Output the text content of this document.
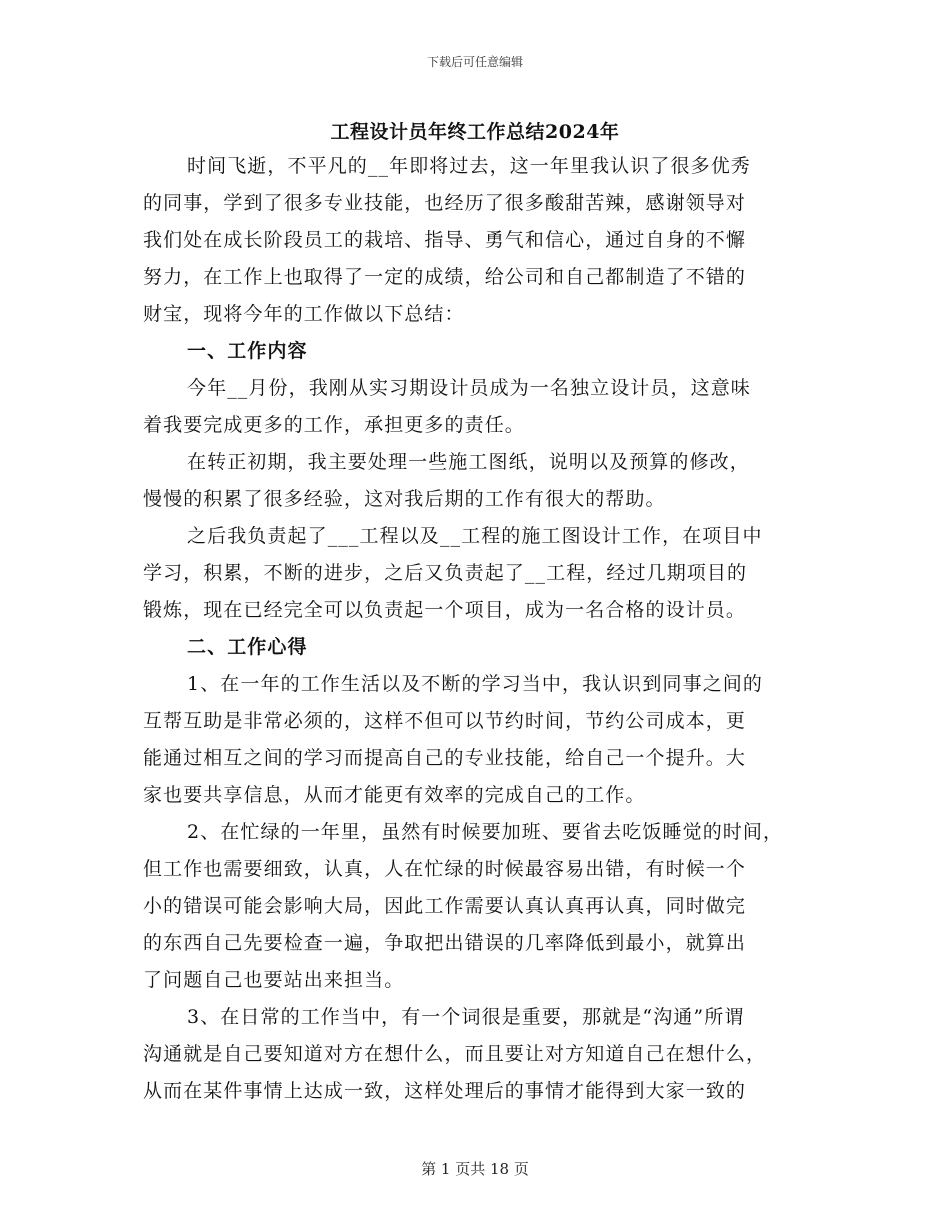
下载后可任意编辑
工程设计员年终工作总结2024年
时间飞逝，不平凡的__年即将过去，这一年里我认识了很多优秀
的同事，学到了很多专业技能，也经历了很多酸甜苦辣，感谢领导对
我们处在成长阶段员工的栽培、指导、勇气和信心，通过自身的不懈
努力，在工作上也取得了一定的成绩，给公司和自己都制造了不错的
财宝，现将今年的工作做以下总结：
一、工作内容
今年__月份，我刚从实习期设计员成为一名独立设计员，这意味
着我要完成更多的工作，承担更多的责任。
在转正初期，我主要处理一些施工图纸，说明以及预算的修改，
慢慢的积累了很多经验，这对我后期的工作有很大的帮助。
之后我负责起了___工程以及__工程的施工图设计工作，在项目中
学习，积累，不断的进步，之后又负责起了__工程，经过几期项目的
锻炼，现在已经完全可以负责起一个项目，成为一名合格的设计员。
二、工作心得
1、在一年的工作生活以及不断的学习当中，我认识到同事之间的
互帮互助是非常必须的，这样不但可以节约时间，节约公司成本，更
能通过相互之间的学习而提高自己的专业技能，给自己一个提升。大
家也要共享信息，从而才能更有效率的完成自己的工作。
2、在忙绿的一年里，虽然有时候要加班、要省去吃饭睡觉的时间，
但工作也需要细致，认真，人在忙绿的时候最容易出错，有时候一个
小的错误可能会影响大局，因此工作需要认真认真再认真，同时做完
的东西自己先要检查一遍，争取把出错误的几率降低到最小，就算出
了问题自己也要站出来担当。
3、在日常的工作当中，有一个词很是重要，那就是“沟通”所谓
沟通就是自己要知道对方在想什么，而且要让对方知道自己在想什么，
从而在某件事情上达成一致，这样处理后的事情才能得到大家一致的
第 1 页共 18 页
